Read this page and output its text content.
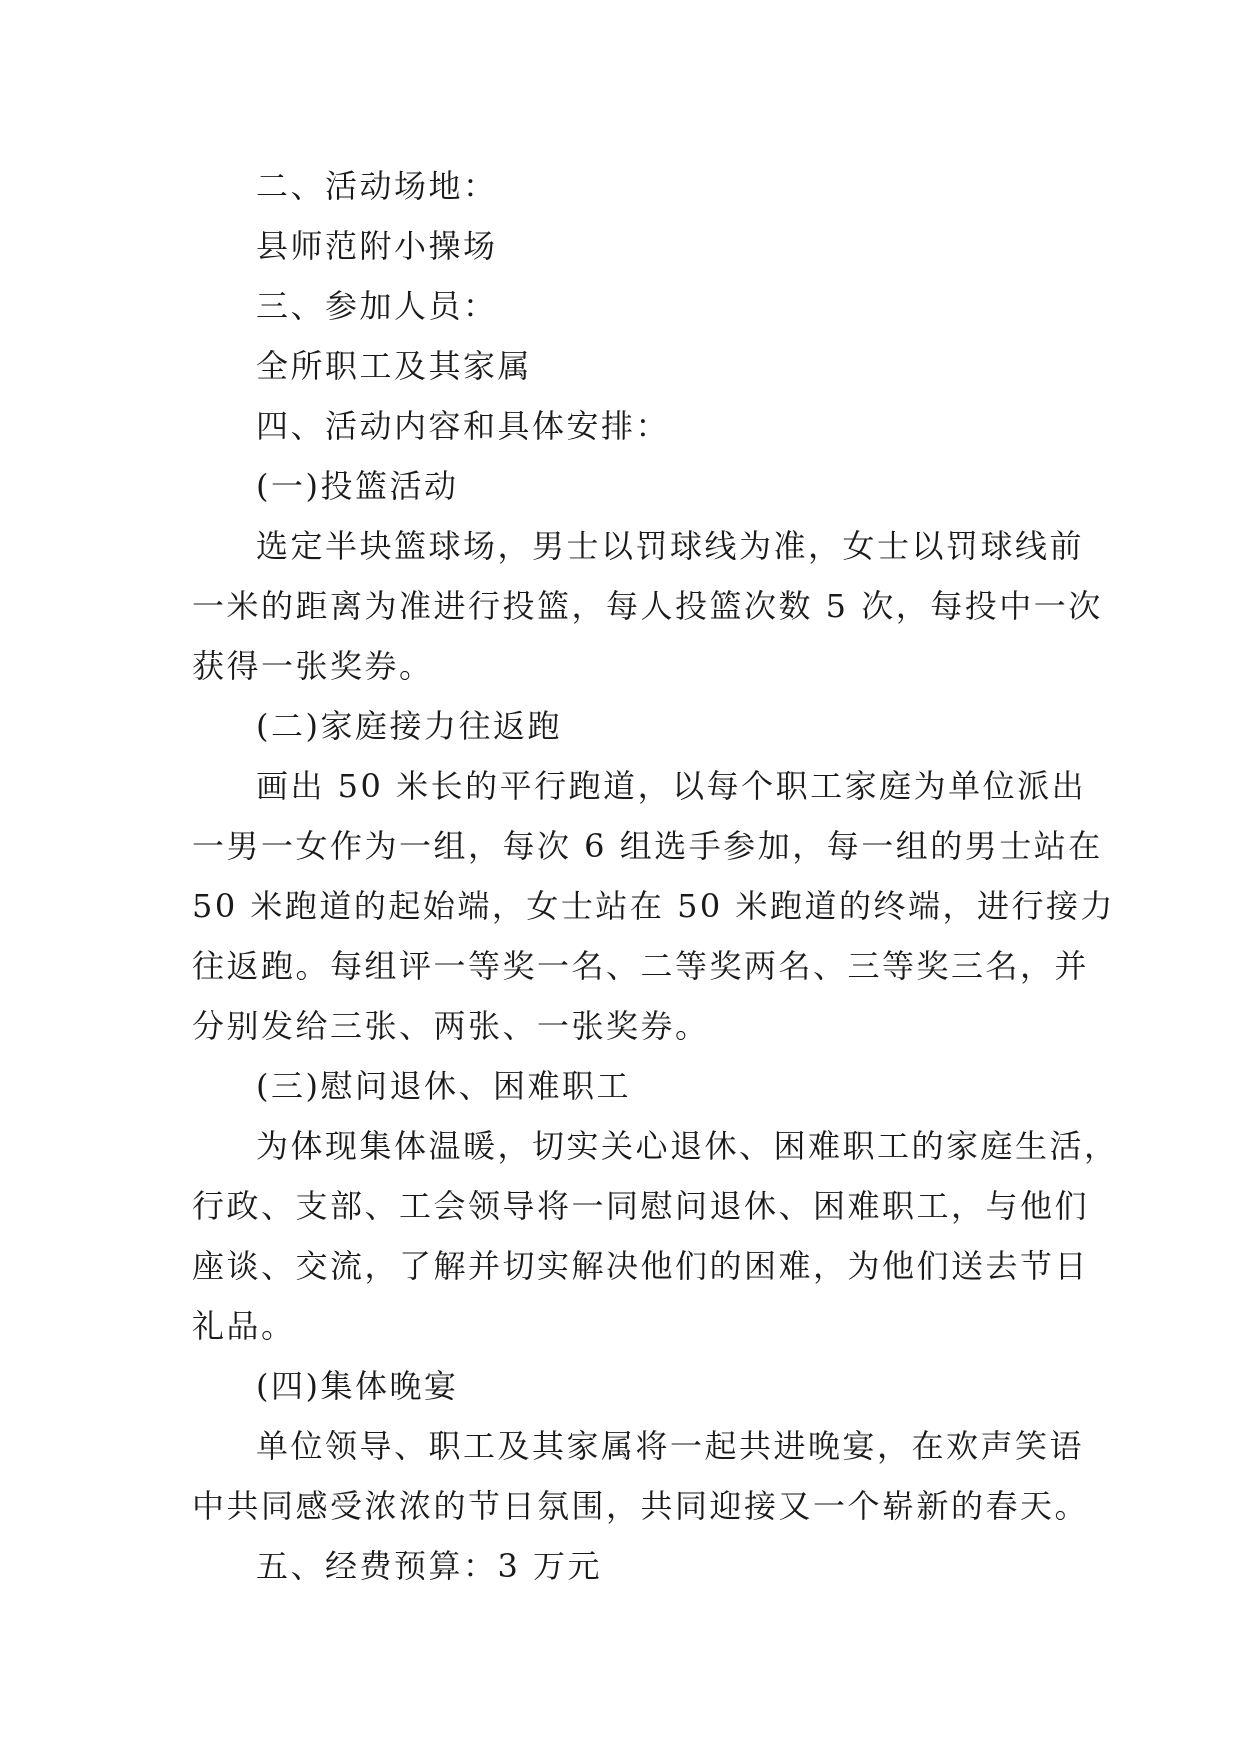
二、活动场地：

县师范附小操场

三、参加人员：

全所职工及其家属

四、活动内容和具体安排：

(一)投篮活动

选定半块篮球场，男士以罚球线为准，女士以罚球线前

一米的距离为准进行投篮，每人投篮次数 5 次，每投中一次

获得一张奖券。

(二)家庭接力往返跑

画出 50 米长的平行跑道，以每个职工家庭为单位派出

一男一女作为一组，每次 6 组选手参加，每一组的男士站在

50 米跑道的起始端，女士站在 50 米跑道的终端，进行接力

往返跑。每组评一等奖一名、二等奖两名、三等奖三名，并

分别发给三张、两张、一张奖券。

(三)慰问退休、困难职工

为体现集体温暖，切实关心退休、困难职工的家庭生活，

行政、支部、工会领导将一同慰问退休、困难职工，与他们

座谈、交流，了解并切实解决他们的困难，为他们送去节日

礼品。

(四)集体晚宴

单位领导、职工及其家属将一起共进晚宴，在欢声笑语

中共同感受浓浓的节日氛围，共同迎接又一个崭新的春天。

五、经费预算：3 万元
